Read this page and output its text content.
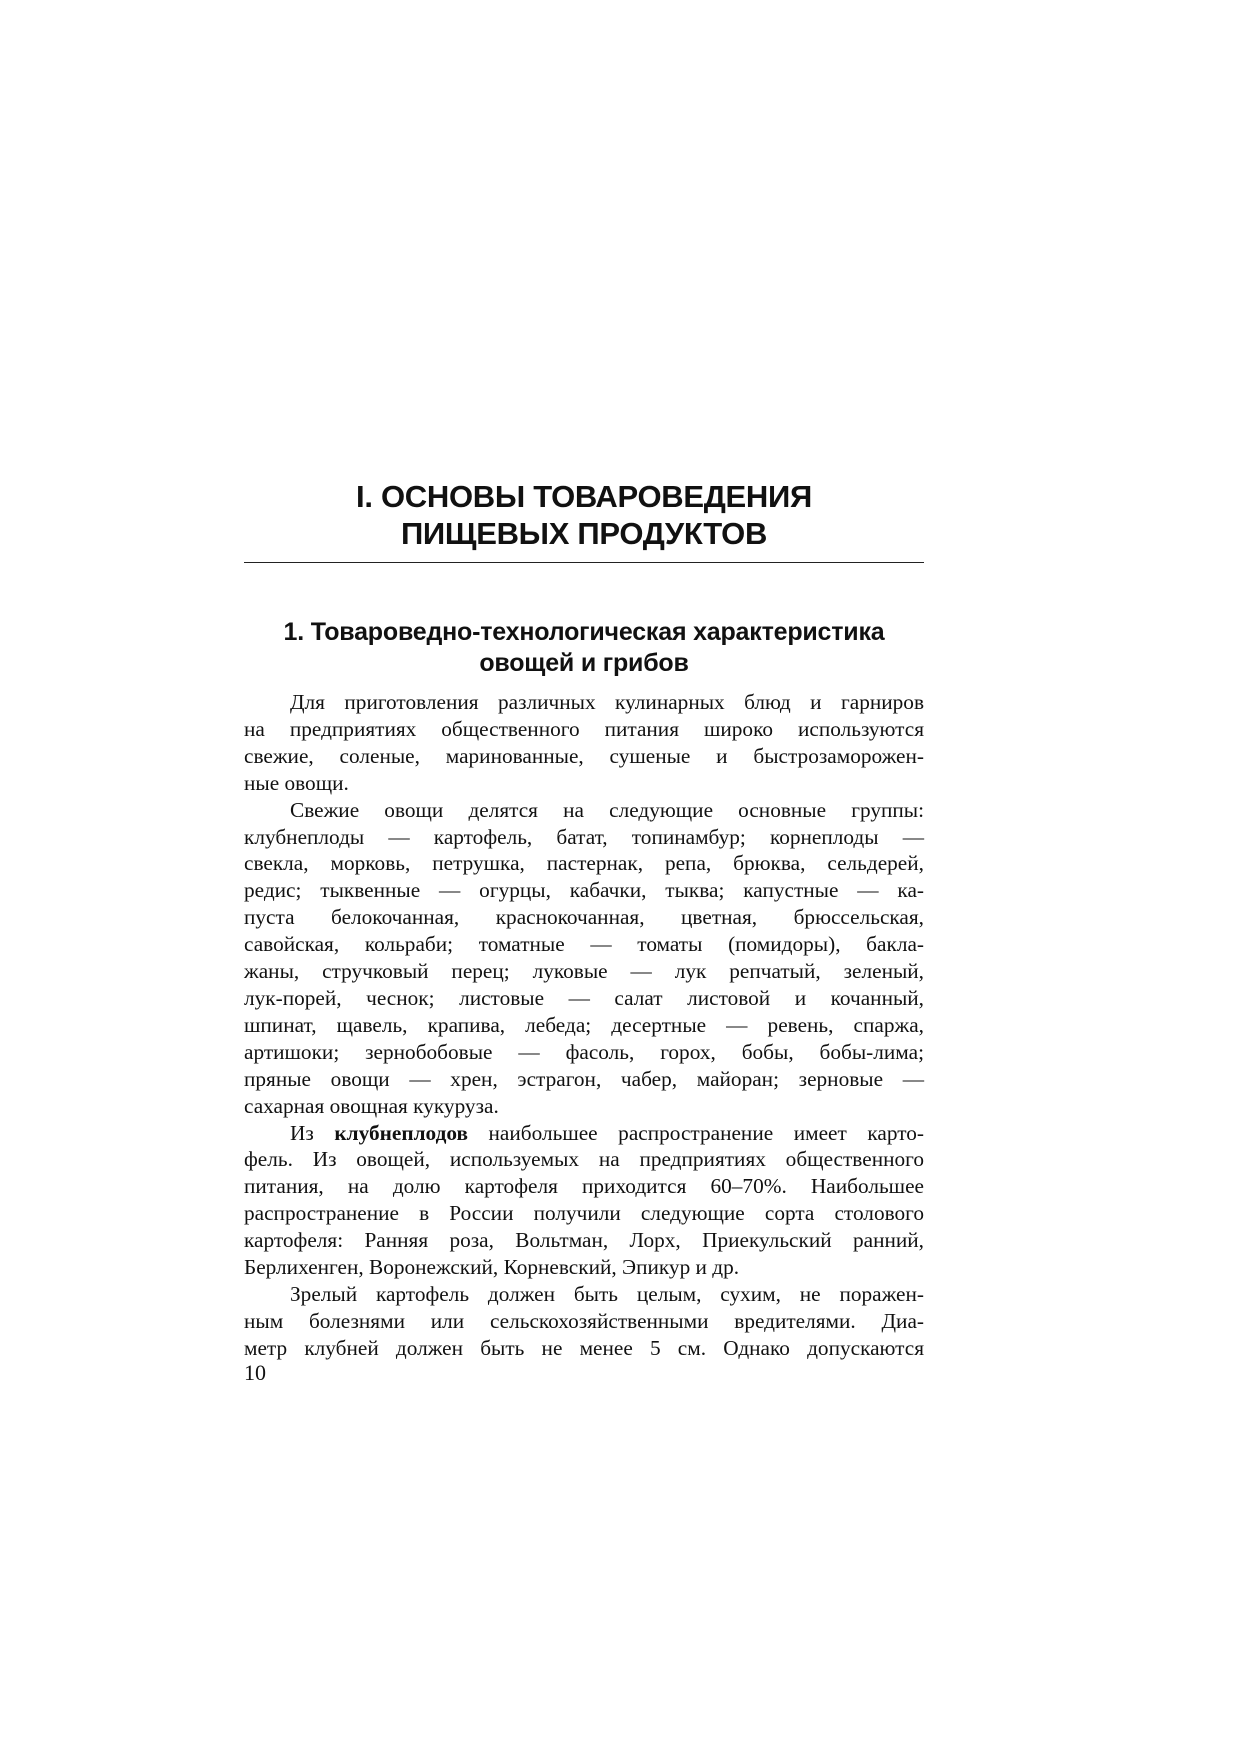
I. ОСНОВЫ ТОВАРОВЕДЕНИЯ
ПИЩЕВЫХ ПРОДУКТОВ
1. Товароведно-технологическая характеристика
овощей и грибов

Для приготовления различных кулинарных блюд и гарниров
на предприятиях общественного питания широко используются
свежие, соленые, маринованные, сушеные и быстрозаморожен-
ные овощи.

Свежие овощи делятся на следующие основные группы:
клубнеплоды — картофель, батат, топинамбур; корнеплоды —
свекла, морковь, петрушка, пастернак, репа, брюква, сельдерей,
редис; тыквенные — огурцы, кабачки, тыква; капустные — ка-
пуста белокочанная, краснокочанная, цветная, брюссельская,
савойская, кольраби; томатные — томаты (помидоры), бакла-
жаны, стручковый перец; луковые — лук репчатый, зеленый,
лук-порей, чеснок; листовые — салат листовой и кочанный,
шпинат, щавель, крапива, лебеда; десертные — ревень, спаржа,
артишоки; зернобобовые — фасоль, горох, бобы, бобы-лима;
пряные овощи — хрен, эстрагон, чабер, майоран; зерновые —
сахарная овощная кукуруза.

Из клубнеплодов наибольшее распространение имеет карто-
фель. Из овощей, используемых на предприятиях общественного
питания, на долю картофеля приходится 60–70%. Наибольшее
распространение в России получили следующие сорта столового
картофеля: Ранняя роза, Вольтман, Лорх, Приекульский ранний,
Берлихенген, Воронежский, Корневский, Эпикур и др.

Зрелый картофель должен быть целым, сухим, не поражен-
ным болезнями или сельскохозяйственными вредителями. Диа-
метр клубней должен быть не менее 5 см. Однако допускаются

10
